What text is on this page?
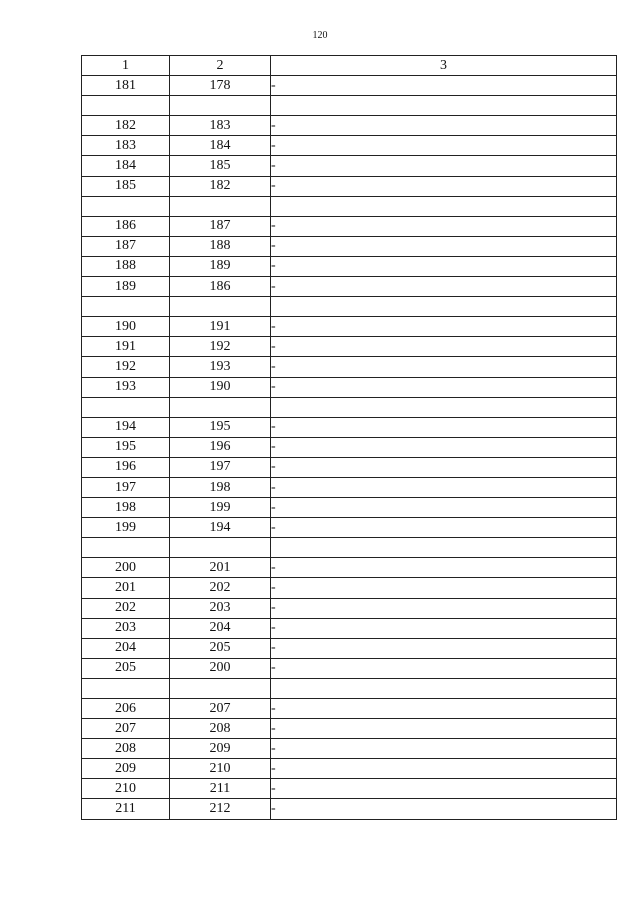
120
1	2	3
181	178	-

182	183	-
183	184	-
184	185	-
185	182	-

186	187	-
187	188	-
188	189	-
189	186	-

190	191	-
191	192	-
192	193	-
193	190	-

194	195	-
195	196	-
196	197	-
197	198	-
198	199	-
199	194	-

200	201	-
201	202	-
202	203	-
203	204	-
204	205	-
205	200	-

206	207	-
207	208	-
208	209	-
209	210	-
210	211	-
211	212	-
